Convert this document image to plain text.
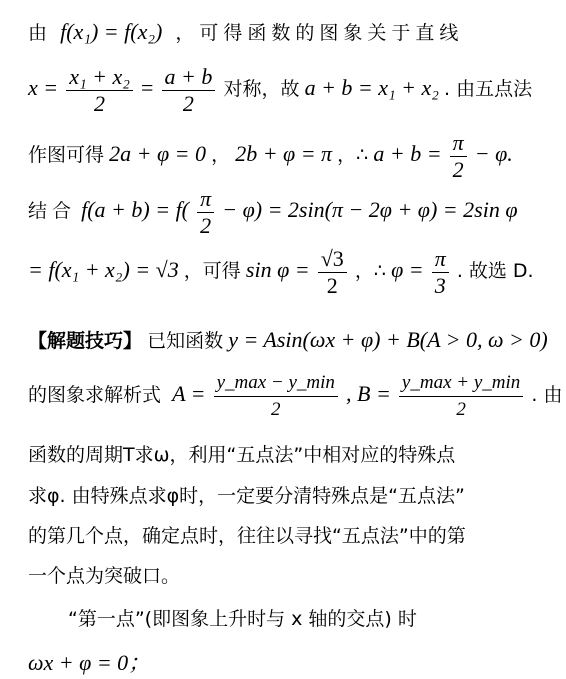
由 f(x₁) = f(x₂) ，可得函数的图象关于直线
$x = \frac{\text{x₁ + x₂}}{2} = \frac{a + b}{2}$ 对称，故 a + b = x₁ + x₂ . 由五点法
作图可得 2a + φ = 0 ， 2b + φ = π ，∴ $a + b = \frac{\pi}{2} - \varphi$.
结合 $f(a + b) = f( \frac{\pi}{2} - \varphi) = 2\sin(\pi - 2\varphi + \varphi) = 2\sin$ φ
= f(x₁ + x₂) = √3 ，可得 $\sin \varphi = \frac{√3}{2}$ ，∴ $\varphi = \frac{\pi}{3}$ . 故选 D.
【解题技巧】 已知函数 y = Asin(ωx + φ) + B(A > 0, ω > 0)
的图象求解析式 $A = \frac{y\_\max - y\_\min}{2}$ , $B = \frac{y\_\max + y\_\min}{2}$ . 由
函数的周期T求ω，利用“五点法”中相对应的特殊点
求φ. 由特殊点求φ时，一定要分清特殊点是“五点法”
的第几个点，确定点时，往往以寻找“五点法”中的第
一个点为突破口。
“第一点”(即图象上升时与 x 轴的交点) 时
ωx + φ = 0；
